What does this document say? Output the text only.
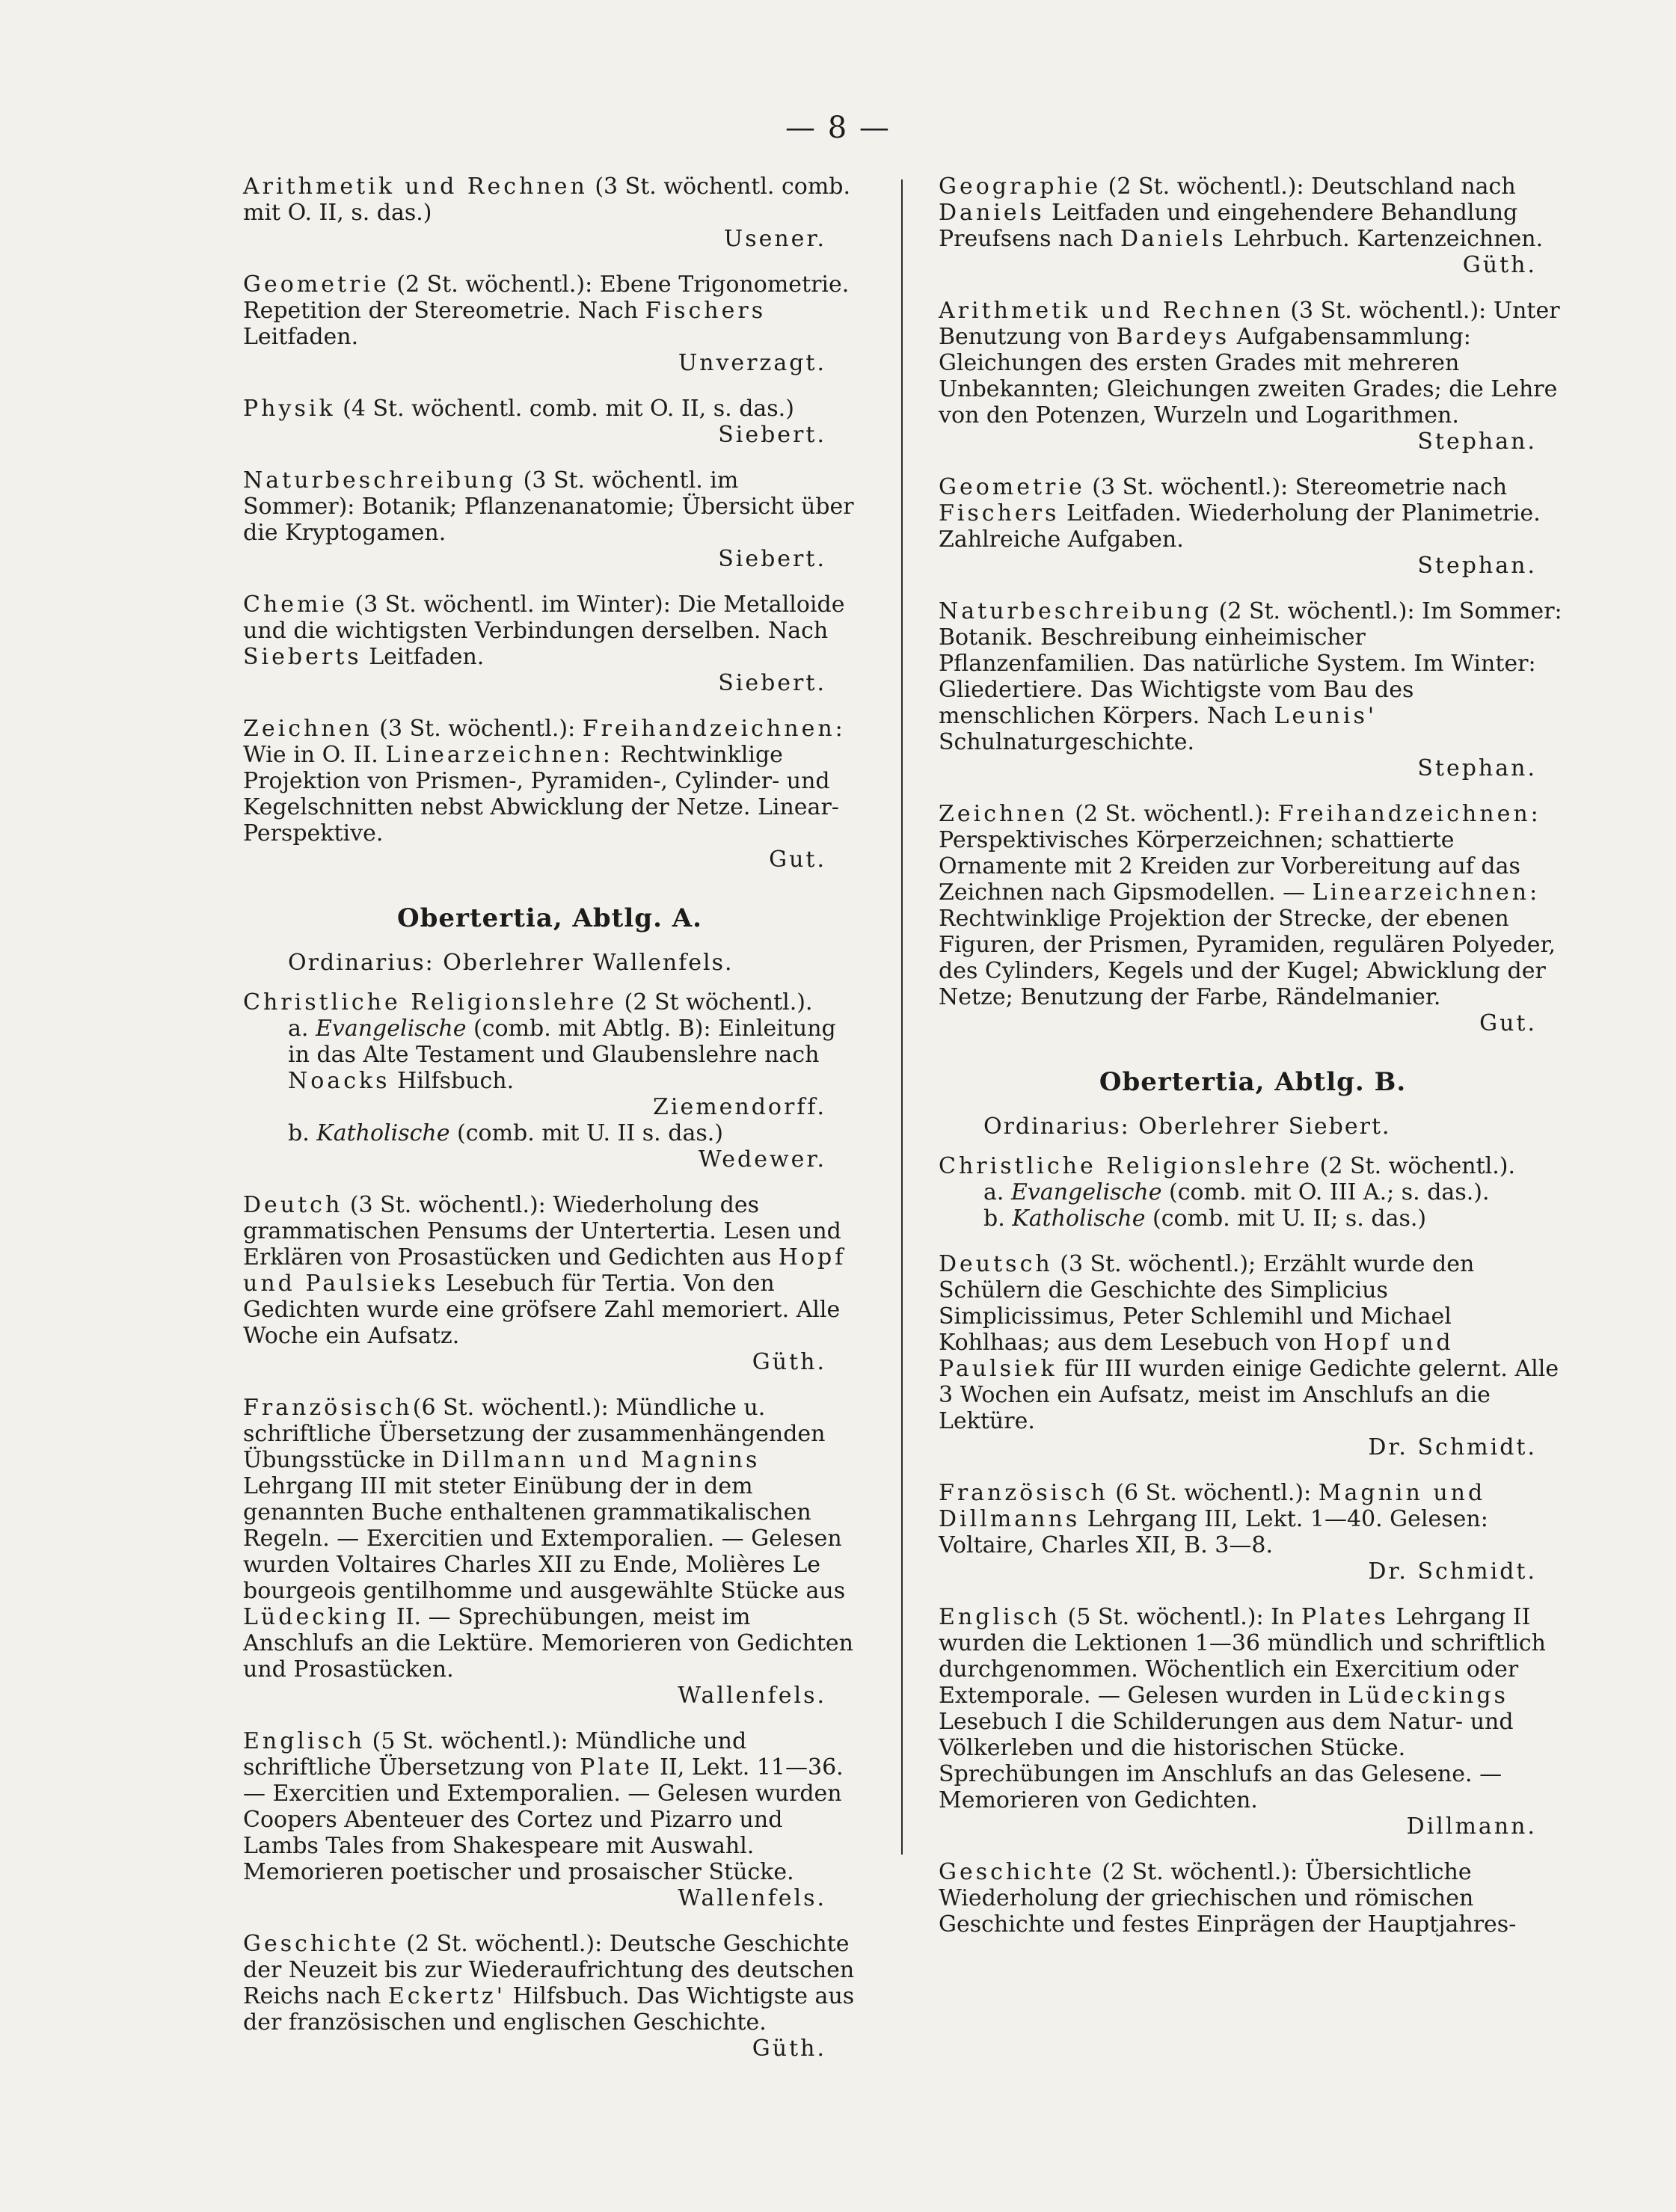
— 8 —

Arithmetik und Rechnen (3 St. wöchentl. comb. mit O. II, s. das.)

Usener.

Geometrie (2 St. wöchentl.): Ebene Trigonometrie. Repetition der Stereometrie. Nach Fischers Leitfaden.

Unverzagt.

Physik (4 St. wöchentl. comb. mit O. II, s. das.)

Siebert.

Naturbeschreibung (3 St. wöchentl. im Sommer): Botanik; Pflanzenanatomie; Übersicht über die Kryptogamen.

Siebert.

Chemie (3 St. wöchentl. im Winter): Die Metalloide und die wichtigsten Verbindungen derselben. Nach Sieberts Leitfaden.

Siebert.

Zeichnen (3 St. wöchentl.): Freihandzeichnen: Wie in O. II. Linearzeichnen: Rechtwinklige Projektion von Prismen-, Pyramiden-, Cylinder- und Kegelschnitten nebst Abwicklung der Netze. Linear-Perspektive.

Gut.

Obertertia, Abtlg. A.
Ordinarius: Oberlehrer Wallenfels.

Christliche Religionslehre (2 St wöchentl.).

a. Evangelische (comb. mit Abtlg. B): Einleitung in das Alte Testament und Glaubenslehre nach Noacks Hilfsbuch.

Ziemendorff.

b. Katholische (comb. mit U. II s. das.)

Wedewer.

Deutch (3 St. wöchentl.): Wiederholung des grammatischen Pensums der Untertertia. Lesen und Erklären von Prosastücken und Gedichten aus Hopf und Paulsieks Lesebuch für Tertia. Von den Gedichten wurde eine gröfsere Zahl memoriert. Alle Woche ein Aufsatz.

Güth.

Französisch(6 St. wöchentl.): Mündliche u. schriftliche Übersetzung der zusammenhängenden Übungsstücke in Dillmann und Magnins Lehrgang III mit steter Einübung der in dem genannten Buche enthaltenen grammatikalischen Regeln. — Exercitien und Extemporalien. — Gelesen wurden Voltaires Charles XII zu Ende, Molières Le bourgeois gentilhomme und ausgewählte Stücke aus Lüdecking II. — Sprechübungen, meist im Anschlufs an die Lektüre. Memorieren von Gedichten und Prosastücken.

Wallenfels.

Englisch (5 St. wöchentl.): Mündliche und schriftliche Übersetzung von Plate II, Lekt. 11—36. — Exercitien und Extemporalien. — Gelesen wurden Coopers Abenteuer des Cortez und Pizarro und Lambs Tales from Shakespeare mit Auswahl. Memorieren poetischer und prosaischer Stücke.

Wallenfels.

Geschichte (2 St. wöchentl.): Deutsche Geschichte der Neuzeit bis zur Wiederaufrichtung des deutschen Reichs nach Eckertz' Hilfsbuch. Das Wichtigste aus der französischen und englischen Geschichte.

Güth.

Geographie (2 St. wöchentl.): Deutschland nach Daniels Leitfaden und eingehendere Behandlung Preufsens nach Daniels Lehrbuch. Kartenzeichnen.

Güth.

Arithmetik und Rechnen (3 St. wöchentl.): Unter Benutzung von Bardeys Aufgabensammlung: Gleichungen des ersten Grades mit mehreren Unbekannten; Gleichungen zweiten Grades; die Lehre von den Potenzen, Wurzeln und Logarithmen.

Stephan.

Geometrie (3 St. wöchentl.): Stereometrie nach Fischers Leitfaden. Wiederholung der Planimetrie. Zahlreiche Aufgaben.

Stephan.

Naturbeschreibung (2 St. wöchentl.): Im Sommer: Botanik. Beschreibung einheimischer Pflanzenfamilien. Das natürliche System. Im Winter: Gliedertiere. Das Wichtigste vom Bau des menschlichen Körpers. Nach Leunis' Schulnaturgeschichte.

Stephan.

Zeichnen (2 St. wöchentl.): Freihandzeichnen: Perspektivisches Körperzeichnen; schattierte Ornamente mit 2 Kreiden zur Vorbereitung auf das Zeichnen nach Gipsmodellen. — Linearzeichnen: Rechtwinklige Projektion der Strecke, der ebenen Figuren, der Prismen, Pyramiden, regulären Polyeder, des Cylinders, Kegels und der Kugel; Abwicklung der Netze; Benutzung der Farbe, Rändelmanier.

Gut.

Obertertia, Abtlg. B.
Ordinarius: Oberlehrer Siebert.

Christliche Religionslehre (2 St. wöchentl.).

a. Evangelische (comb. mit O. III A.; s. das.).

b. Katholische (comb. mit U. II; s. das.)

Deutsch (3 St. wöchentl.); Erzählt wurde den Schülern die Geschichte des Simplicius Simplicissimus, Peter Schlemihl und Michael Kohlhaas; aus dem Lesebuch von Hopf und Paulsiek für III wurden einige Gedichte gelernt. Alle 3 Wochen ein Aufsatz, meist im Anschlufs an die Lektüre.

Dr. Schmidt.

Französisch (6 St. wöchentl.): Magnin und Dillmanns Lehrgang III, Lekt. 1—40. Gelesen: Voltaire, Charles XII, B. 3—8.

Dr. Schmidt.

Englisch (5 St. wöchentl.): In Plates Lehrgang II wurden die Lektionen 1—36 mündlich und schriftlich durchgenommen. Wöchentlich ein Exercitium oder Extemporale. — Gelesen wurden in Lüdeckings Lesebuch I die Schilderungen aus dem Natur- und Völkerleben und die historischen Stücke. Sprechübungen im Anschlufs an das Gelesene. — Memorieren von Gedichten.

Dillmann.

Geschichte (2 St. wöchentl.): Übersichtliche Wiederholung der griechischen und römischen Geschichte und festes Einprägen der Hauptjahres-
